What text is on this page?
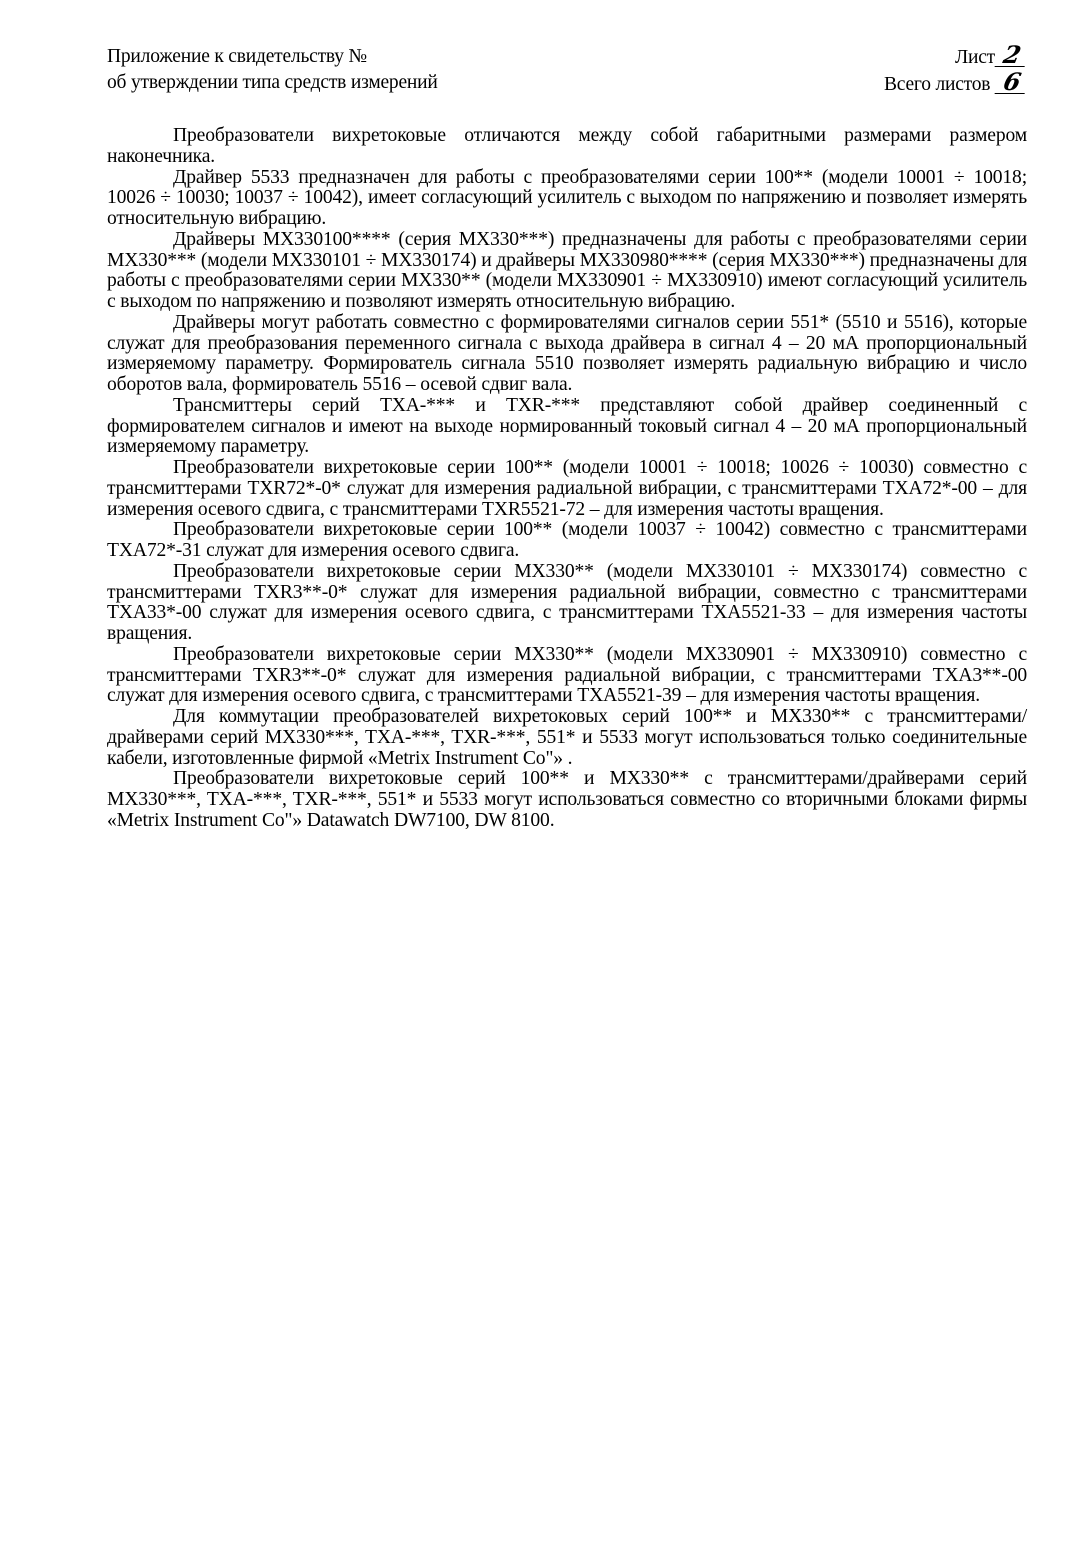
Приложение к свидетельству №
об утверждении типа средств измерений
Лист 2
Всего листов 6

Преобразователи вихретоковые отличаются между собой габаритными размерами размером наконечника.

Драйвер 5533 предназначен для работы с преобразователями серии 100** (модели 10001 ÷ 10018; 10026 ÷ 10030; 10037 ÷ 10042), имеет согласующий усилитель с выходом по напряжению и позволяет измерять относительную вибрацию.

Драйверы MX330100**** (серия MX330***) предназначены для работы с преобразователями серии MX330*** (модели MX330101 ÷ MX330174) и драйверы MX330980**** (серия MX330***) предназначены для работы с преобразователями серии MX330** (модели MX330901 ÷ MX330910) имеют согласующий усилитель с выходом по напряжению и позволяют измерять относительную вибрацию.

Драйверы могут работать совместно с формирователями сигналов серии 551* (5510 и 5516), которые служат для преобразования переменного сигнала с выхода драйвера в сигнал 4 – 20 мА пропорциональный измеряемому параметру. Формирователь сигнала 5510 позволяет измерять радиальную вибрацию и число оборотов вала, формирователь 5516 – осевой сдвиг вала.

Трансмиттеры серий TXA-*** и TXR-*** представляют собой драйвер соединенный с формирователем сигналов и имеют на выходе нормированный токовый сигнал 4 – 20 мА пропорциональный измеряемому параметру.

Преобразователи вихретоковые серии 100** (модели 10001 ÷ 10018; 10026 ÷ 10030) совместно с трансмиттерами TXR72*-0* служат для измерения радиальной вибрации, с трансмиттерами TXA72*-00 – для измерения осевого сдвига, с трансмиттерами TXR5521-72 – для измерения частоты вращения.

Преобразователи вихретоковые серии 100** (модели 10037 ÷ 10042) совместно с трансмиттерами TXA72*-31 служат для измерения осевого сдвига.

Преобразователи вихретоковые серии MX330** (модели MX330101 ÷ MX330174) совместно с трансмиттерами TXR3**-0* служат для измерения радиальной вибрации, совместно с трансмиттерами TXA33*-00 служат для измерения осевого сдвига, с трансмиттерами TXA5521-33 – для измерения частоты вращения.

Преобразователи вихретоковые серии MX330** (модели MX330901 ÷ MX330910) совместно с трансмиттерами TXR3**-0* служат для измерения радиальной вибрации, с трансмиттерами TXA3**-00 служат для измерения осевого сдвига, с трансмиттерами TXA5521-39 – для измерения частоты вращения.

Для коммутации преобразователей вихретоковых серий 100** и MX330** с трансмиттерами/драйверами серий MX330***, TXA-***, TXR-***, 551* и 5533 могут использоваться только соединительные кабели, изготовленные фирмой «Metrix Instrument Co"» .

Преобразователи вихретоковые серий 100** и MX330** с трансмиттерами/драйверами серий MX330***, TXA-***, TXR-***, 551* и 5533 могут использоваться совместно со вторичными блоками фирмы «Metrix Instrument Co"» Datawatch DW7100, DW 8100.
